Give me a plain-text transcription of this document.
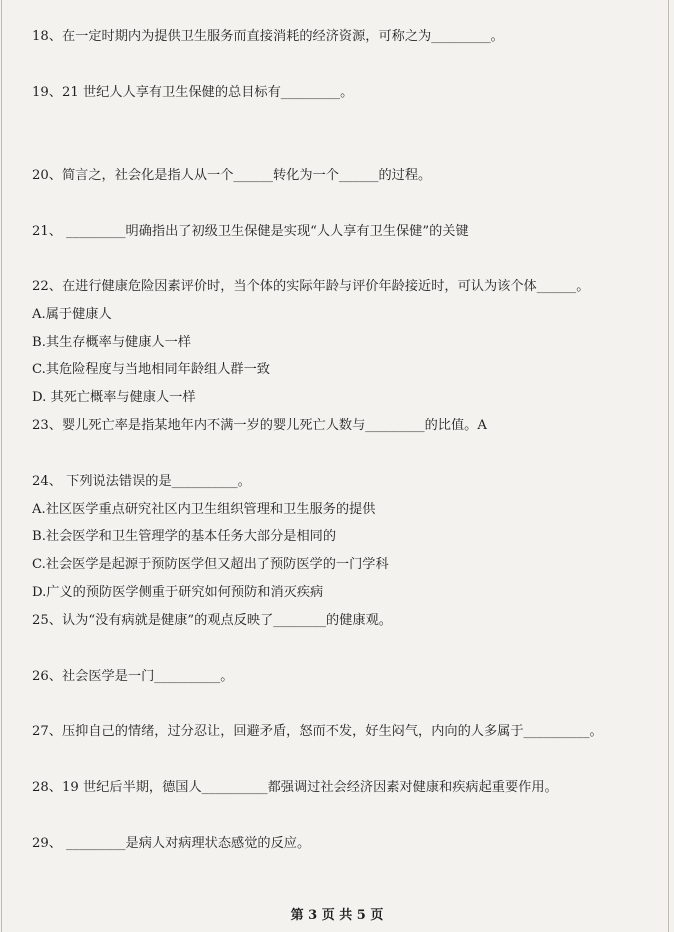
18、在一定时期内为提供卫生服务而直接消耗的经济资源，可称之为_________。
19、21 世纪人人享有卫生保健的总目标有_________。
20、简言之，社会化是指人从一个______转化为一个______的过程。
21、 _________明确指出了初级卫生保健是实现“人人享有卫生保健”的关键
22、在进行健康危险因素评价时，当个体的实际年龄与评价年龄接近时，可认为该个体______。
A.属于健康人
B.其生存概率与健康人一样
C.其危险程度与当地相同年龄组人群一致
D. 其死亡概率与健康人一样
23、婴儿死亡率是指某地年内不满一岁的婴儿死亡人数与_________的比值。A
24、 下列说法错误的是__________。
A.社区医学重点研究社区内卫生组织管理和卫生服务的提供
B.社会医学和卫生管理学的基本任务大部分是相同的
C.社会医学是起源于预防医学但又超出了预防医学的一门学科
D.广义的预防医学侧重于研究如何预防和消灭疾病
25、认为“没有病就是健康”的观点反映了________的健康观。
26、社会医学是一门__________。
27、压抑自己的情绪，过分忍让，回避矛盾，怒而不发，好生闷气，内向的人多属于__________。
28、19 世纪后半期，德国人__________都强调过社会经济因素对健康和疾病起重要作用。
29、 _________是病人对病理状态感觉的反应。
第 3 页 共 5 页
